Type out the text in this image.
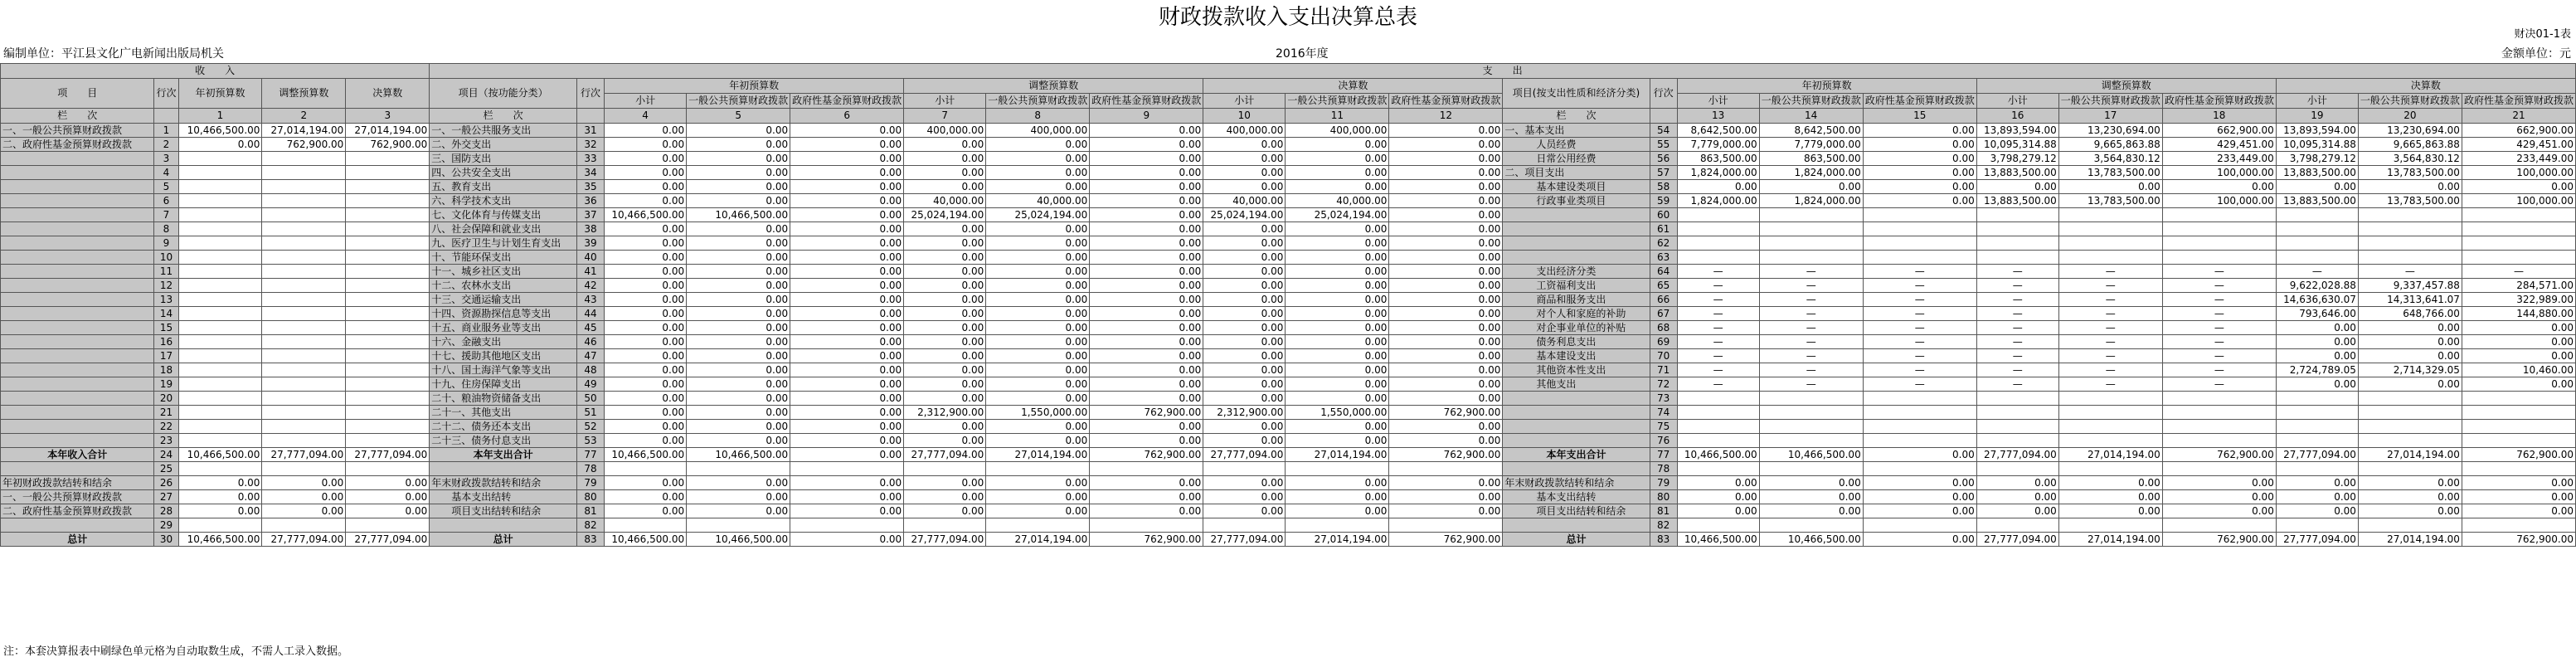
财政拨款收入支出决算总表
财决01-1表
编制单位：平江县文化广电新闻出版局机关	2016年度	金额单位：元
收　　入					支　　出																					
项　　目	行次	年初预算数	调整预算数	决算数	项目（按功能分类）	行次	年初预算数			调整预算数			决算数			项目(按支出性质和经济分类)	行次	年初预算数			调整预算数			决算数		
							小计	一般公共预算财政拨款	政府性基金预算财政拨款	小计	一般公共预算财政拨款	政府性基金预算财政拨款	小计	一般公共预算财政拨款	政府性基金预算财政拨款			小计	一般公共预算财政拨款	政府性基金预算财政拨款	小计	一般公共预算财政拨款	政府性基金预算财政拨款	小计	一般公共预算财政拨款	政府性基金预算财政拨款

栏　　次		1	2	3	栏　　次		4	5	6	7	8	9	10	11	12	栏　　次		13	14	15	16	17	18	19	20	21
一、一般公共预算财政拨款	1	10,466,500.00	27,014,194.00	27,014,194.00	一、一般公共服务支出	31	0.00	0.00	0.00	400,000.00	400,000.00	0.00	400,000.00	400,000.00	0.00	一、基本支出	54	8,642,500.00	8,642,500.00	0.00	13,893,594.00	13,230,694.00	662,900.00	13,893,594.00	13,230,694.00	662,900.00
二、政府性基金预算财政拨款	2	0.00	762,900.00	762,900.00	二、外交支出	32	0.00	0.00	0.00	0.00	0.00	0.00	0.00	0.00	0.00	人员经费	55	7,779,000.00	7,779,000.00	0.00	10,095,314.88	9,665,863.88	429,451.00	10,095,314.88	9,665,863.88	429,451.00
	3				三、国防支出	33	0.00	0.00	0.00	0.00	0.00	0.00	0.00	0.00	0.00	日常公用经费	56	863,500.00	863,500.00	0.00	3,798,279.12	3,564,830.12	233,449.00	3,798,279.12	3,564,830.12	233,449.00
	4				四、公共安全支出	34	0.00	0.00	0.00	0.00	0.00	0.00	0.00	0.00	0.00	二、项目支出	57	1,824,000.00	1,824,000.00	0.00	13,883,500.00	13,783,500.00	100,000.00	13,883,500.00	13,783,500.00	100,000.00
	5				五、教育支出	35	0.00	0.00	0.00	0.00	0.00	0.00	0.00	0.00	0.00	基本建设类项目	58	0.00	0.00	0.00	0.00	0.00	0.00	0.00	0.00	0.00
	6				六、科学技术支出	36	0.00	0.00	0.00	40,000.00	40,000.00	0.00	40,000.00	40,000.00	0.00	行政事业类项目	59	1,824,000.00	1,824,000.00	0.00	13,883,500.00	13,783,500.00	100,000.00	13,883,500.00	13,783,500.00	100,000.00
	7				七、文化体育与传媒支出	37	10,466,500.00	10,466,500.00	0.00	25,024,194.00	25,024,194.00	0.00	25,024,194.00	25,024,194.00	0.00		60									
	8				八、社会保障和就业支出	38	0.00	0.00	0.00	0.00	0.00	0.00	0.00	0.00	0.00		61									
	9				九、医疗卫生与计划生育支出	39	0.00	0.00	0.00	0.00	0.00	0.00	0.00	0.00	0.00		62									
	10				十、节能环保支出	40	0.00	0.00	0.00	0.00	0.00	0.00	0.00	0.00	0.00		63									
	11				十一、城乡社区支出	41	0.00	0.00	0.00	0.00	0.00	0.00	0.00	0.00	0.00	支出经济分类	64	—	—	—	—	—	—	—	—	—
	12				十二、农林水支出	42	0.00	0.00	0.00	0.00	0.00	0.00	0.00	0.00	0.00	工资福利支出	65	—	—	—	—	—	—	9,622,028.88	9,337,457.88	284,571.00
	13				十三、交通运输支出	43	0.00	0.00	0.00	0.00	0.00	0.00	0.00	0.00	0.00	商品和服务支出	66	—	—	—	—	—	—	14,636,630.07	14,313,641.07	322,989.00
	14				十四、资源勘探信息等支出	44	0.00	0.00	0.00	0.00	0.00	0.00	0.00	0.00	0.00	对个人和家庭的补助	67	—	—	—	—	—	—	793,646.00	648,766.00	144,880.00
	15				十五、商业服务业等支出	45	0.00	0.00	0.00	0.00	0.00	0.00	0.00	0.00	0.00	对企事业单位的补贴	68	—	—	—	—	—	—	0.00	0.00	0.00
	16				十六、金融支出	46	0.00	0.00	0.00	0.00	0.00	0.00	0.00	0.00	0.00	债务利息支出	69	—	—	—	—	—	—	0.00	0.00	0.00
	17				十七、援助其他地区支出	47	0.00	0.00	0.00	0.00	0.00	0.00	0.00	0.00	0.00	基本建设支出	70	—	—	—	—	—	—	0.00	0.00	0.00
	18				十八、国土海洋气象等支出	48	0.00	0.00	0.00	0.00	0.00	0.00	0.00	0.00	0.00	其他资本性支出	71	—	—	—	—	—	—	2,724,789.05	2,714,329.05	10,460.00
	19				十九、住房保障支出	49	0.00	0.00	0.00	0.00	0.00	0.00	0.00	0.00	0.00	其他支出	72	—	—	—	—	—	—	0.00	0.00	0.00
	20				二十、粮油物资储备支出	50	0.00	0.00	0.00	0.00	0.00	0.00	0.00	0.00	0.00		73									
	21				二十一、其他支出	51	0.00	0.00	0.00	2,312,900.00	1,550,000.00	762,900.00	2,312,900.00	1,550,000.00	762,900.00		74									
	22				二十二、债务还本支出	52	0.00	0.00	0.00	0.00	0.00	0.00	0.00	0.00	0.00		75									
	23				二十三、债务付息支出	53	0.00	0.00	0.00	0.00	0.00	0.00	0.00	0.00	0.00		76									
本年收入合计	24	10,466,500.00	27,777,094.00	27,777,094.00	本年支出合计	77	10,466,500.00	10,466,500.00	0.00	27,777,094.00	27,014,194.00	762,900.00	27,777,094.00	27,014,194.00	762,900.00	本年支出合计	77	10,466,500.00	10,466,500.00	0.00	27,777,094.00	27,014,194.00	762,900.00	27,777,094.00	27,014,194.00	762,900.00
	25					78											78									
年初财政拨款结转和结余	26	0.00	0.00	0.00	年末财政拨款结转和结余	79	0.00	0.00	0.00	0.00	0.00	0.00	0.00	0.00	0.00	年末财政拨款结转和结余	79	0.00	0.00	0.00	0.00	0.00	0.00	0.00	0.00	0.00
一、一般公共预算财政拨款	27	0.00	0.00	0.00	基本支出结转	80	0.00	0.00	0.00	0.00	0.00	0.00	0.00	0.00	0.00	基本支出结转	80	0.00	0.00	0.00	0.00	0.00	0.00	0.00	0.00	0.00
二、政府性基金预算财政拨款	28	0.00	0.00	0.00	项目支出结转和结余	81	0.00	0.00	0.00	0.00	0.00	0.00	0.00	0.00	0.00	项目支出结转和结余	81	0.00	0.00	0.00	0.00	0.00	0.00	0.00	0.00	0.00
	29					82											82									
总计	30	10,466,500.00	27,777,094.00	27,777,094.00	总计	83	10,466,500.00	10,466,500.00	0.00	27,777,094.00	27,014,194.00	762,900.00	27,777,094.00	27,014,194.00	762,900.00	总计	83	10,466,500.00	10,466,500.00	0.00	27,777,094.00	27,014,194.00	762,900.00	27,777,094.00	27,014,194.00	762,900.00
注：本套决算报表中刷绿色单元格为自动取数生成，不需人工录入数据。
